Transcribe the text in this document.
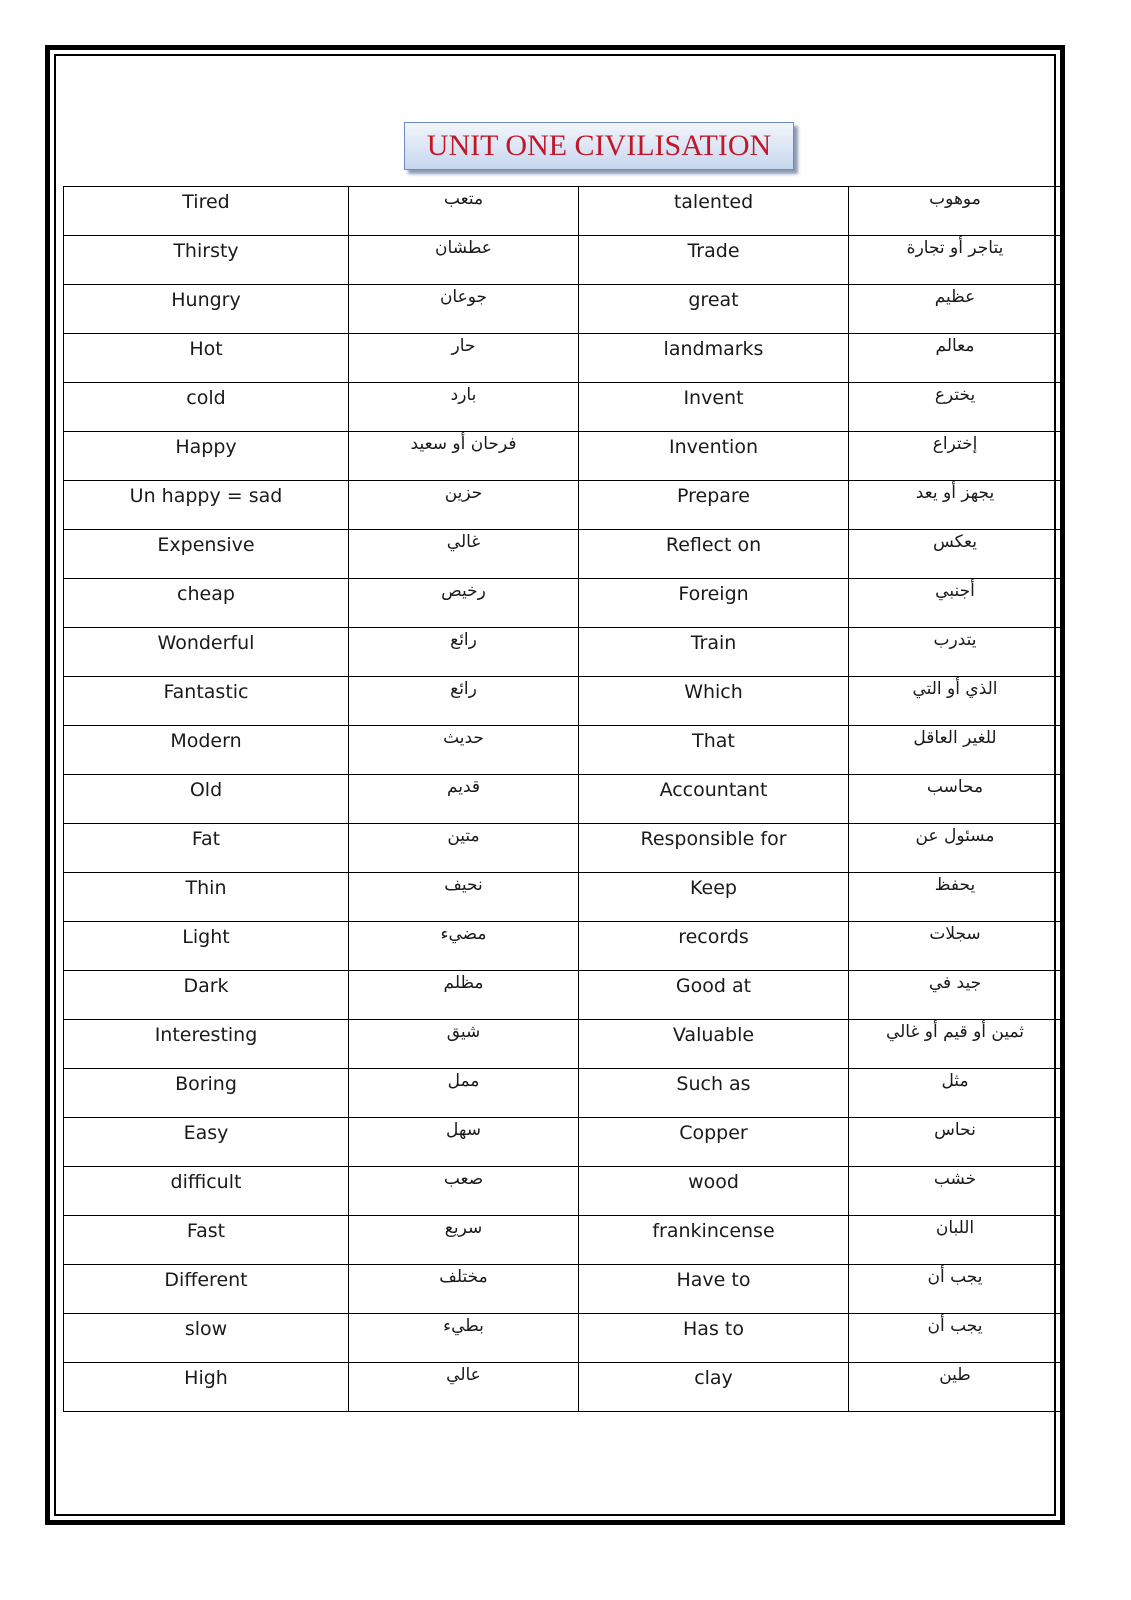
UNIT ONE CIVILISATION
Tired	متعب	talented	موهوب
Thirsty	عطشان	Trade	يتاجر أو تجارة
Hungry	جوعان	great	عظيم
Hot	حار	landmarks	معالم
cold	بارد	Invent	يخترع
Happy	فرحان أو سعيد	Invention	إختراع
Un happy = sad	حزين	Prepare	يجهز أو يعد
Expensive	غالي	Reflect on	يعكس
cheap	رخيص	Foreign	أجنبي
Wonderful	رائع	Train	يتدرب
Fantastic	رائع	Which	الذي أو التي
Modern	حديث	That	للغير العاقل
Old	قديم	Accountant	محاسب
Fat	متين	Responsible for	مسئول عن
Thin	نحيف	Keep	يحفظ
Light	مضيء	records	سجلات
Dark	مظلم	Good at	جيد في
Interesting	شيق	Valuable	ثمين أو قيم أو غالي
Boring	ممل	Such as	مثل
Easy	سهل	Copper	نحاس
difficult	صعب	wood	خشب
Fast	سريع	frankincense	اللبان
Different	مختلف	Have to	يجب أن
slow	بطيء	Has to	يجب أن
High	عالي	clay	طين
